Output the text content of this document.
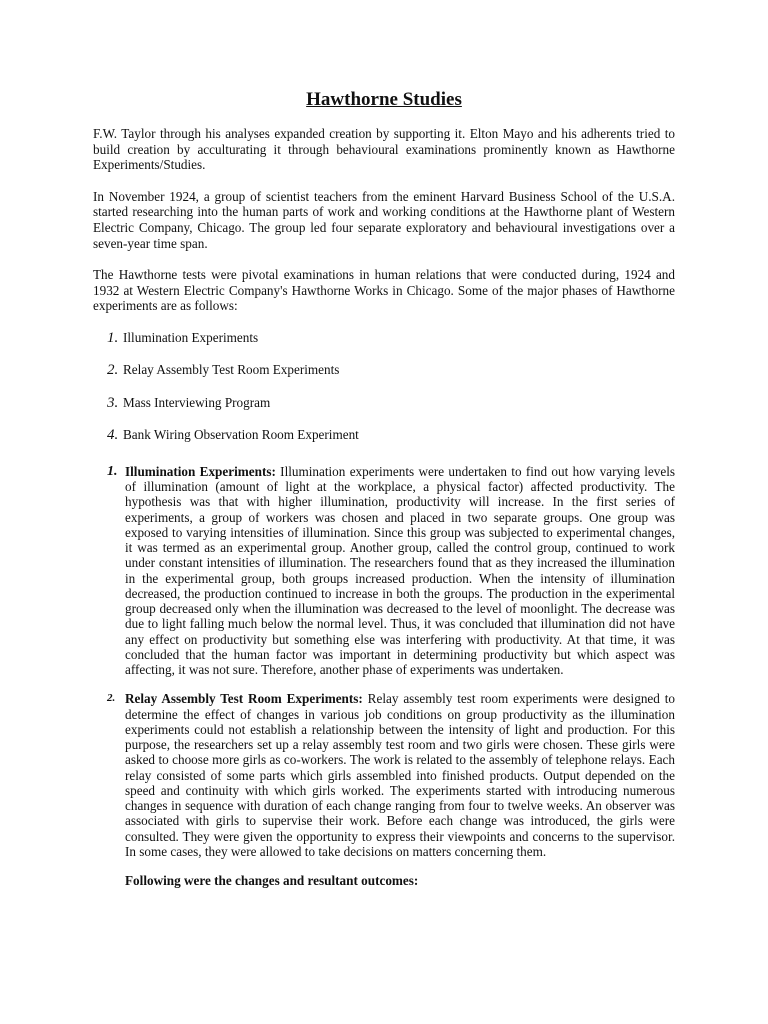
Hawthorne Studies

F.W. Taylor through his analyses expanded creation by supporting it. Elton Mayo and his adherents tried to build creation by acculturating it through behavioural examinations prominently known as Hawthorne Experiments/Studies.

In November 1924, a group of scientist teachers from the eminent Harvard Business School of the U.S.A. started researching into the human parts of work and working conditions at the Hawthorne plant of Western Electric Company, Chicago. The group led four separate exploratory and behavioural investigations over a seven-year time span.

The Hawthorne tests were pivotal examinations in human relations that were conducted during, 1924 and 1932 at Western Electric Company's Hawthorne Works in Chicago. Some of the major phases of Hawthorne experiments are as follows:

1. Illumination Experiments
2. Relay Assembly Test Room Experiments
3. Mass Interviewing Program
4. Bank Wiring Observation Room Experiment
1. Illumination Experiments: Illumination experiments were undertaken to find out how varying levels of illumination (amount of light at the workplace, a physical factor) affected productivity. The hypothesis was that with higher illumination, productivity will increase. In the first series of experiments, a group of workers was chosen and placed in two separate groups. One group was exposed to varying intensities of illumination. Since this group was subjected to experimental changes, it was termed as an experimental group. Another group, called the control group, continued to work under constant intensities of illumination. The researchers found that as they increased the illumination in the experimental group, both groups increased production. When the intensity of illumination decreased, the production continued to increase in both the groups. The production in the experimental group decreased only when the illumination was decreased to the level of moonlight. The decrease was due to light falling much below the normal level. Thus, it was concluded that illumination did not have any effect on productivity but something else was interfering with productivity. At that time, it was concluded that the human factor was important in determining productivity but which aspect was affecting, it was not sure. Therefore, another phase of experiments was undertaken.
2. Relay Assembly Test Room Experiments: Relay assembly test room experiments were designed to determine the effect of changes in various job conditions on group productivity as the illumination experiments could not establish a relationship between the intensity of light and production. For this purpose, the researchers set up a relay assembly test room and two girls were chosen. These girls were asked to choose more girls as co-workers. The work is related to the assembly of telephone relays. Each relay consisted of some parts which girls assembled into finished products. Output depended on the speed and continuity with which girls worked. The experiments started with introducing numerous changes in sequence with duration of each change ranging from four to twelve weeks. An observer was associated with girls to supervise their work. Before each change was introduced, the girls were consulted. They were given the opportunity to express their viewpoints and concerns to the supervisor. In some cases, they were allowed to take decisions on matters concerning them.
Following were the changes and resultant outcomes:
